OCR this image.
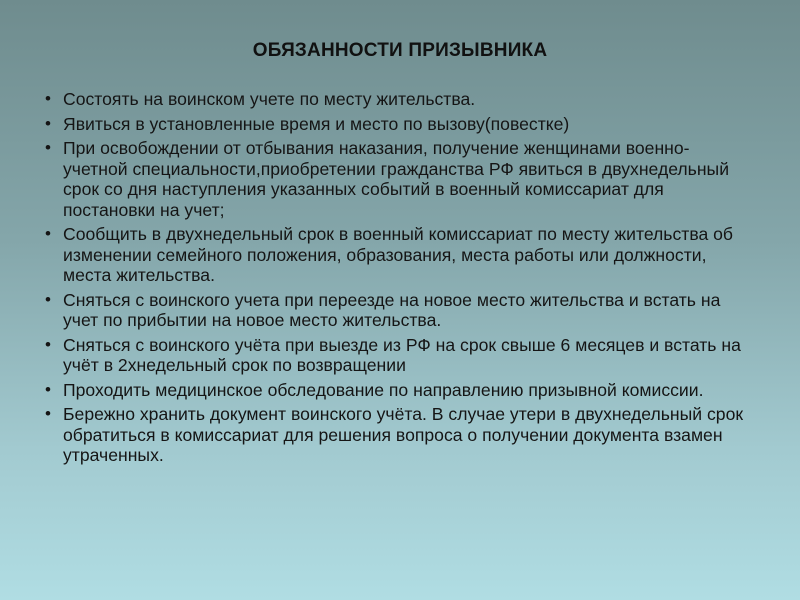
ОБЯЗАННОСТИ ПРИЗЫВНИКА
• Состоять на воинском учете по месту жительства.
• Явиться в установленные время и место по вызову(повестке)
• При освобождении от отбывания наказания, получение женщинами военно-учетной специальности,приобретении гражданства РФ явиться в двухнедельный срок со дня наступления указанных событий в военный комиссариат для постановки на учет;
• Сообщить в двухнедельный срок в военный комиссариат по месту жительства об изменении семейного положения, образования, места работы или должности, места жительства.
• Сняться с воинского учета при переезде на новое место жительства и встать на учет по прибытии на новое место жительства.
• Сняться с воинского учёта при выезде из РФ на срок свыше 6 месяцев и встать на учёт в 2хнедельный срок по возвращении
• Проходить медицинское обследование по направлению призывной комиссии.
• Бережно хранить документ воинского учёта. В случае утери в двухнедельный срок обратиться в комиссариат для решения вопроса о получении документа взамен утраченных.
